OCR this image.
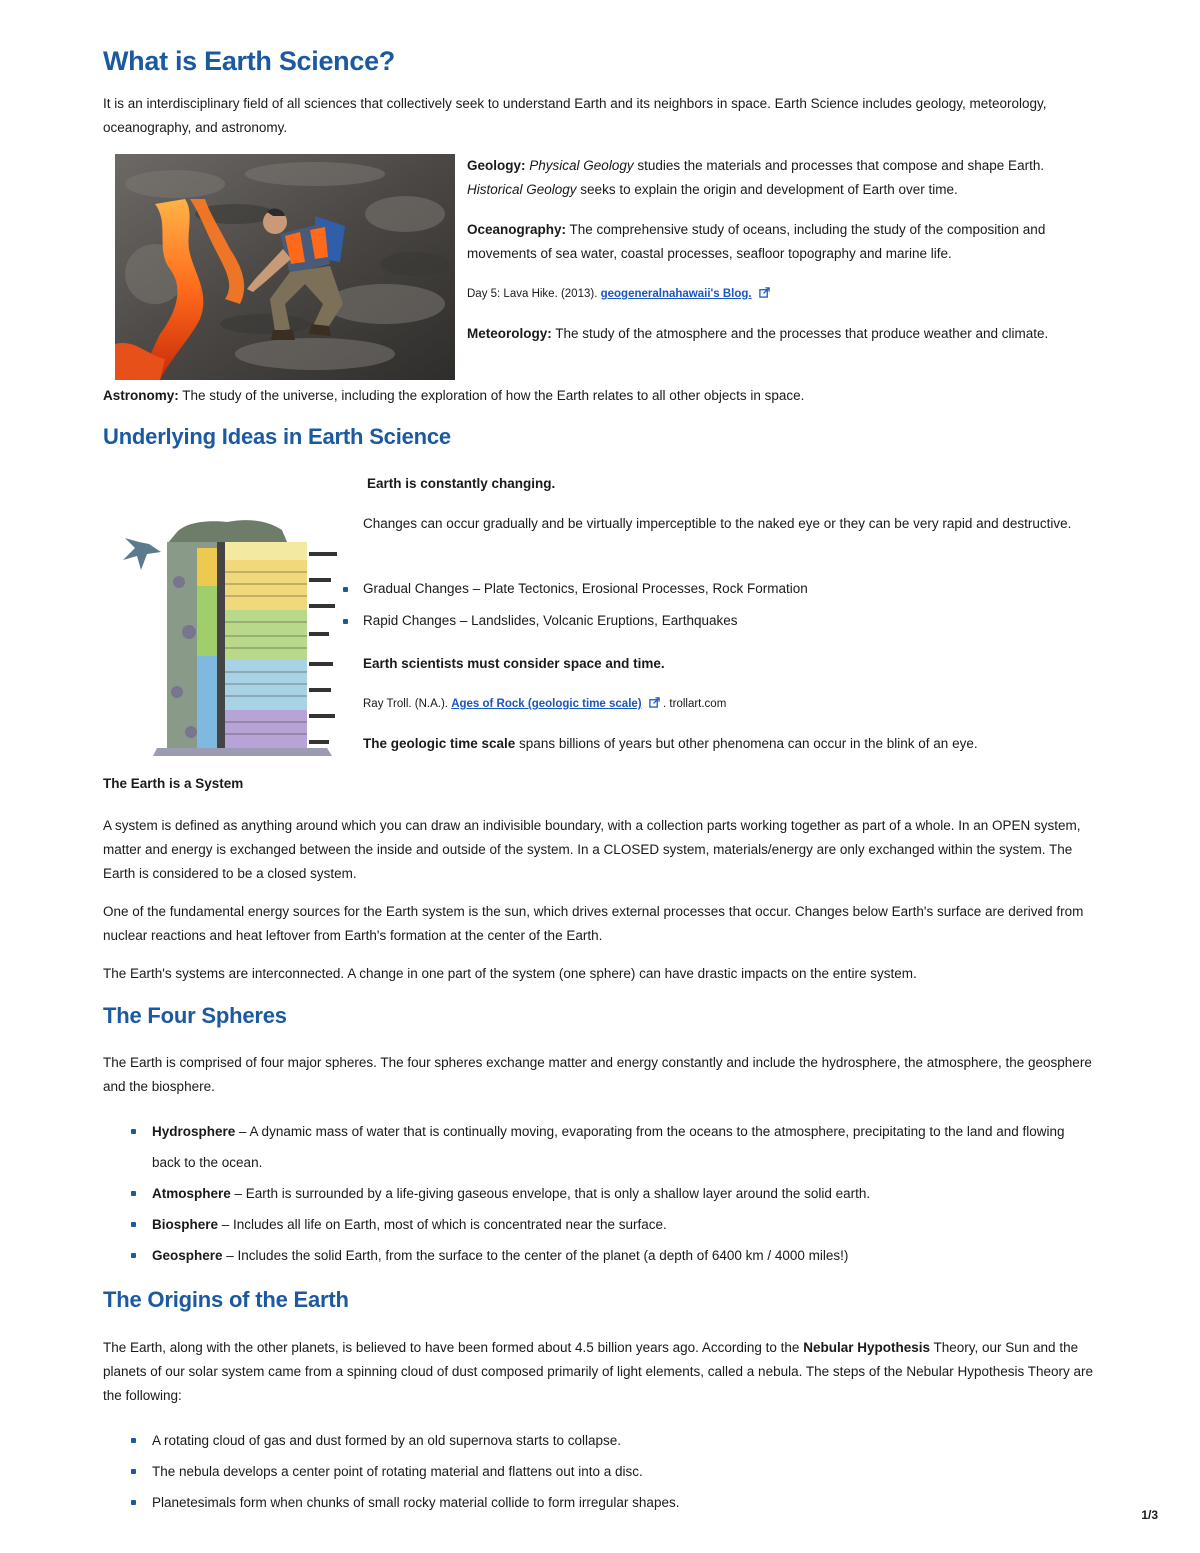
What is Earth Science?

It is an interdisciplinary field of all sciences that collectively seek to understand Earth and its neighbors in space. Earth Science includes geology, meteorology, oceanography, and astronomy.

Geology: Physical Geology studies the materials and processes that compose and shape Earth. Historical Geology seeks to explain the origin and development of Earth over time.

Oceanography: The comprehensive study of oceans, including the study of the composition and movements of sea water, coastal processes, seafloor topography and marine life.

Day 5: Lava Hike. (2013). geogeneralnahawaii's Blog.

Meteorology: The study of the atmosphere and the processes that produce weather and climate.

Astronomy: The study of the universe, including the exploration of how the Earth relates to all other objects in space.

Underlying Ideas in Earth Science

Earth is constantly changing.

Changes can occur gradually and be virtually imperceptible to the naked eye or they can be very rapid and destructive.

Gradual Changes – Plate Tectonics, Erosional Processes, Rock Formation
Rapid Changes – Landslides, Volcanic Eruptions, Earthquakes

Earth scientists must consider space and time.

Ray Troll. (N.A.). Ages of Rock (geologic time scale)  . trollart.com

The geologic time scale spans billions of years but other phenomena can occur in the blink of an eye.

The Earth is a System

A system is defined as anything around which you can draw an indivisible boundary, with a collection parts working together as part of a whole. In an OPEN system, matter and energy is exchanged between the inside and outside of the system. In a CLOSED system, materials/energy are only exchanged within the system. The Earth is considered to be a closed system.

One of the fundamental energy sources for the Earth system is the sun, which drives external processes that occur. Changes below Earth's surface are derived from nuclear reactions and heat leftover from Earth's formation at the center of the Earth.

The Earth's systems are interconnected. A change in one part of the system (one sphere) can have drastic impacts on the entire system.

The Four Spheres

The Earth is comprised of four major spheres. The four spheres exchange matter and energy constantly and include the hydrosphere, the atmosphere, the geosphere and the biosphere.

Hydrosphere – A dynamic mass of water that is continually moving, evaporating from the oceans to the atmosphere, precipitating to the land and flowing back to the ocean.
Atmosphere – Earth is surrounded by a life-giving gaseous envelope, that is only a shallow layer around the solid earth.
Biosphere – Includes all life on Earth, most of which is concentrated near the surface.
Geosphere – Includes the solid Earth, from the surface to the center of the planet (a depth of 6400 km / 4000 miles!)
The Origins of the Earth

The Earth, along with the other planets, is believed to have been formed about 4.5 billion years ago. According to the Nebular Hypothesis Theory, our Sun and the planets of our solar system came from a spinning cloud of dust composed primarily of light elements, called a nebula. The steps of the Nebular Hypothesis Theory are the following:

A rotating cloud of gas and dust formed by an old supernova starts to collapse.
The nebula develops a center point of rotating material and flattens out into a disc.
Planetesimals form when chunks of small rocky material collide to form irregular shapes.
1/3
